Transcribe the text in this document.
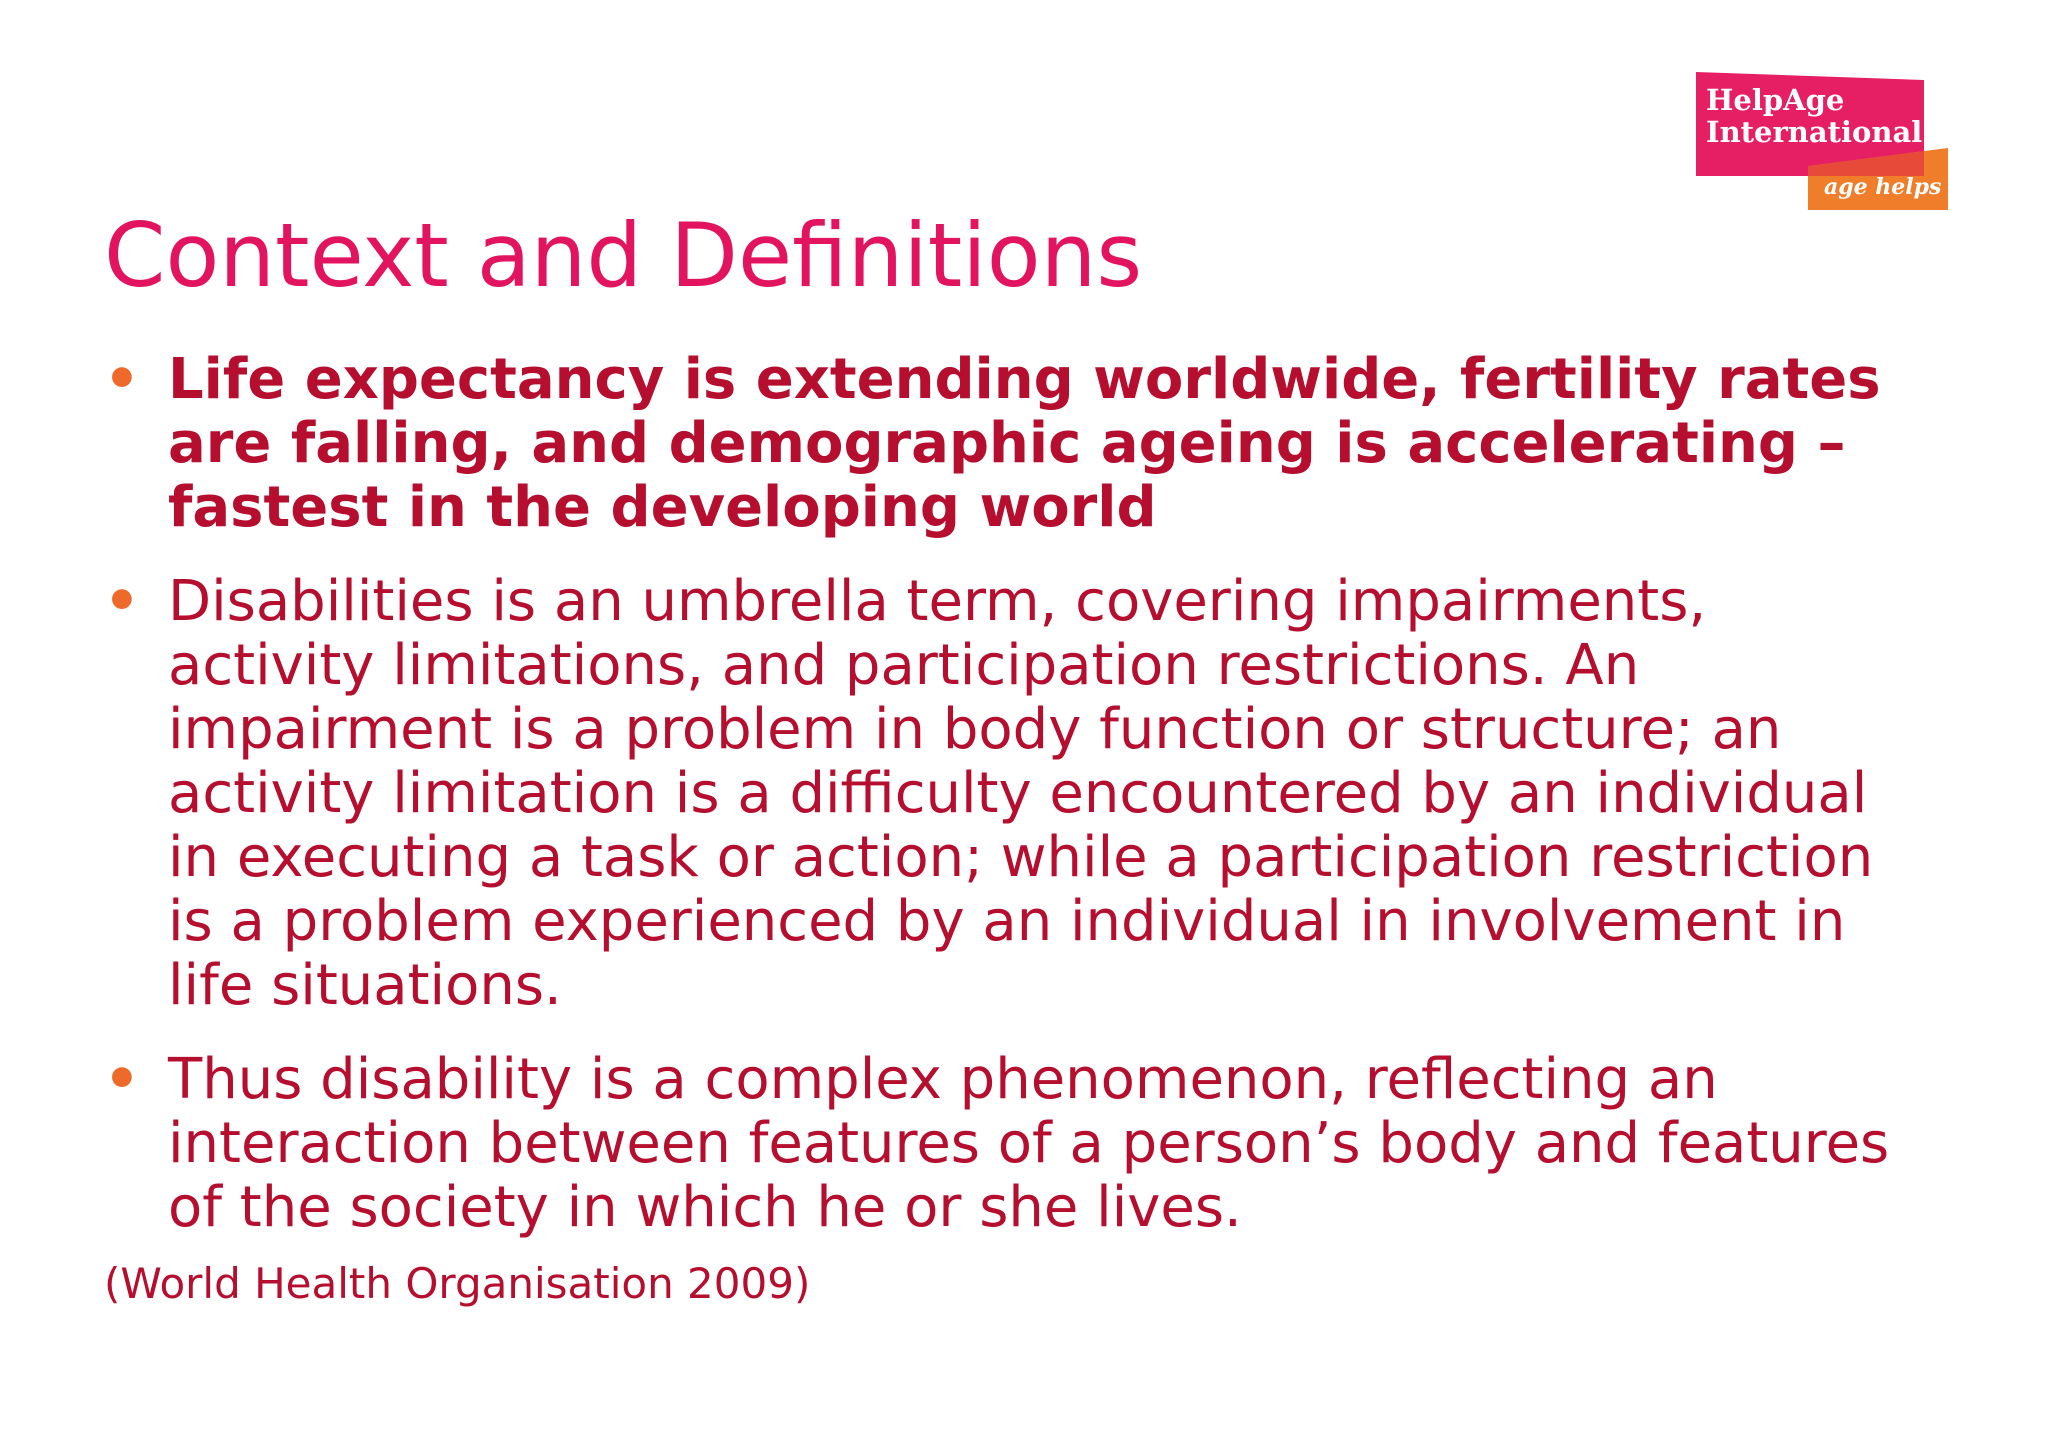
HelpAge
International
age helps
Context and Definitions
• Life expectancy is extending worldwide, fertility rates
are falling, and demographic ageing is accelerating –
fastest in the developing world
• Disabilities is an umbrella term, covering impairments,
activity limitations, and participation restrictions. An
impairment is a problem in body function or structure; an
activity limitation is a difficulty encountered by an individual
in executing a task or action; while a participation restriction
is a problem experienced by an individual in involvement in
life situations.
• Thus disability is a complex phenomenon, reflecting an
interaction between features of a person’s body and features
of the society in which he or she lives.
(World Health Organisation 2009)
